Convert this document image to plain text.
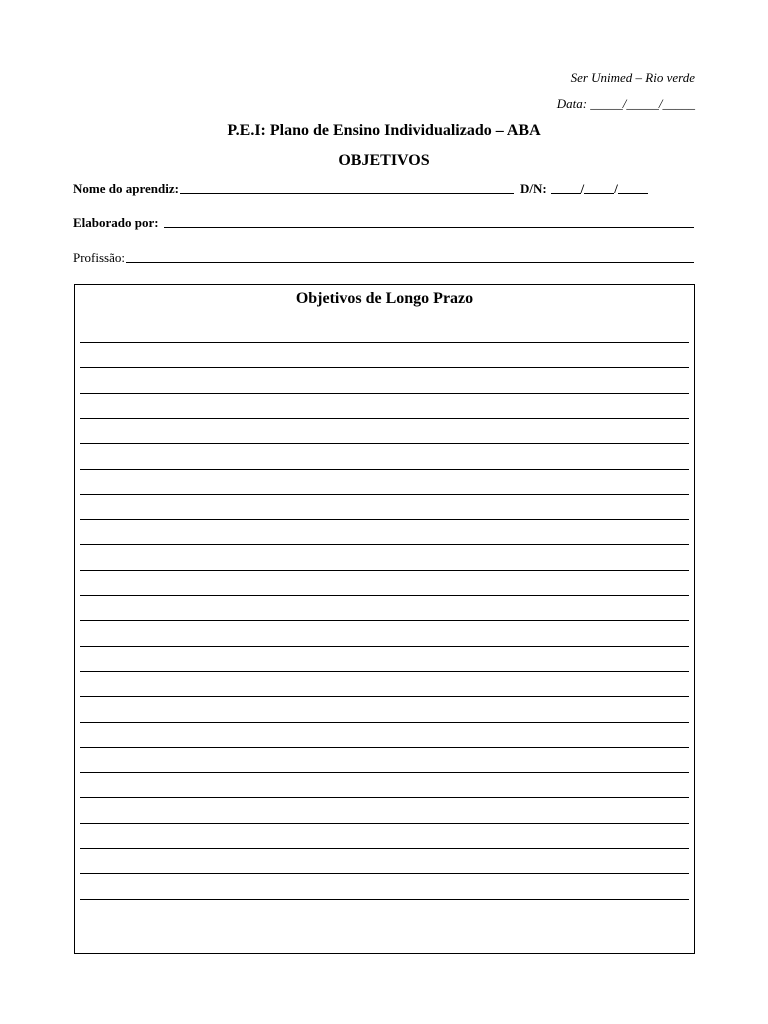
Ser Unimed – Rio verde
Data: _____/_____/_____
P.E.I: Plano de Ensino Individualizado – ABA
OBJETIVOS
Nome do aprendiz:	D/N:	/ /
Elaborado por:
Profissão:
Objetivos de Longo Prazo
